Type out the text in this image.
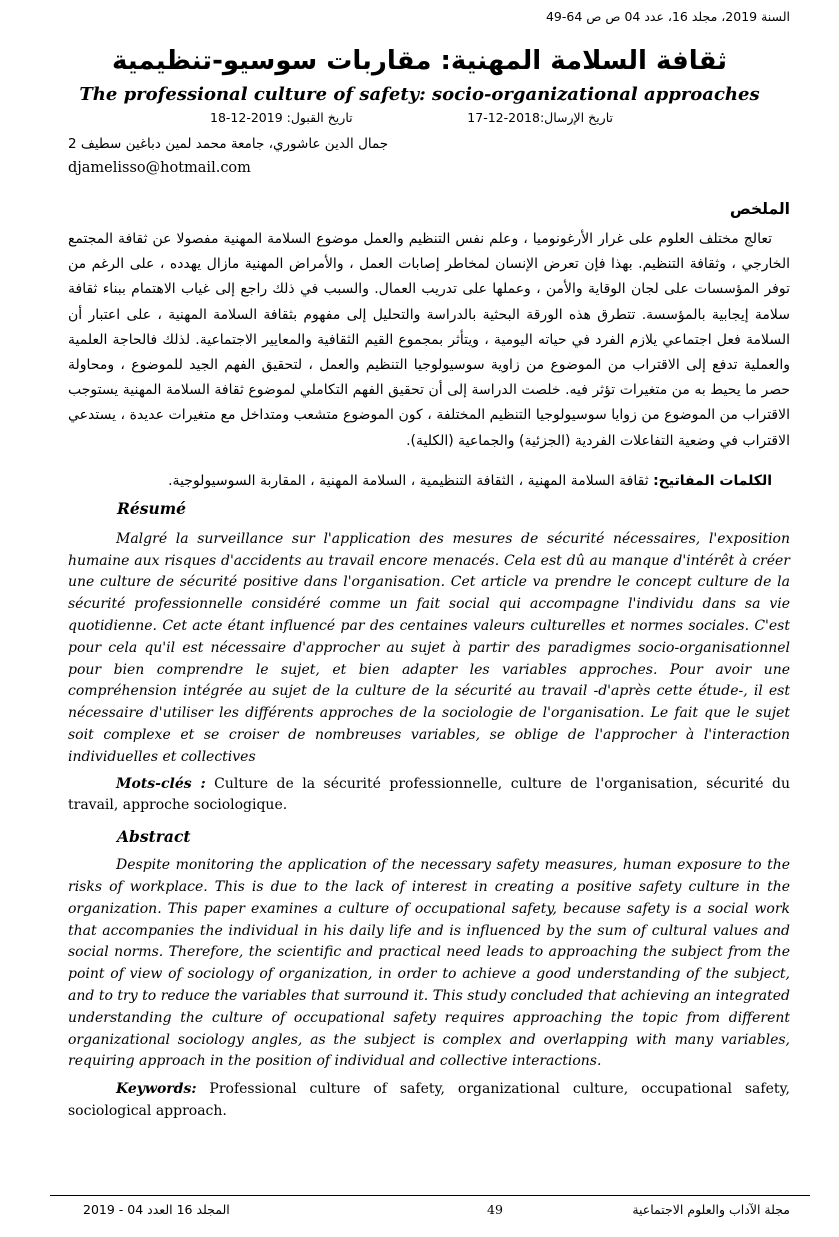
السنة 2019، مجلد 16، عدد 04 ص ص 64-49
ثقافة السلامة المهنية: مقاربات سوسيو-تنظيمية
The professional culture of safety: socio-organizational approaches
تاريخ القبول: 2019-12-18	تاريخ الإرسال:2018-12-17
جمال الدين عاشوري، جامعة محمد لمين دباغين سطيف 2
djamelisso@hotmail.com
الملخص

تعالج مختلف العلوم على غرار الأرغونوميا ، وعلم نفس التنظيم والعمل موضوع السلامة المهنية مفصولا عن ثقافة المجتمع الخارجي ، وثقافة التنظيم. بهذا فإن تعرض الإنسان لمخاطر إصابات العمل ، والأمراض المهنية مازال يهدده ، على الرغم من توفر المؤسسات على لجان الوقاية والأمن ، وعملها على تدريب العمال. والسبب في ذلك راجع إلى غياب الاهتمام ببناء ثقافة سلامة إيجابية بالمؤسسة. تتطرق هذه الورقة البحثية بالدراسة والتحليل إلى مفهوم بثقافة السلامة المهنية ، على اعتبار أن السلامة فعل اجتماعي يلازم الفرد في حياته اليومية ، ويتأثر بمجموع القيم الثقافية والمعايير الاجتماعية. لذلك فالحاجة العلمية والعملية تدفع إلى الاقتراب من الموضوع من زاوية سوسيولوجيا التنظيم والعمل ، لتحقيق الفهم الجيد للموضوع ، ومحاولة حصر ما يحيط به من متغيرات تؤثر فيه. خلصت الدراسة إلى أن تحقيق الفهم التكاملي لموضوع ثقافة السلامة المهنية يستوجب الاقتراب من الموضوع من زوايا سوسيولوجيا التنظيم المختلفة ، كون الموضوع متشعب ومتداخل مع متغيرات عديدة ، يستدعي الاقتراب في وضعية التفاعلات الفردية (الجزئية) والجماعية (الكلية).

الكلمات المفاتيح: ثقافة السلامة المهنية ، الثقافة التنظيمية ، السلامة المهنية ، المقاربة السوسيولوجية.

Résumé

Malgré la surveillance sur l'application des mesures de sécurité nécessaires, l'exposition humaine aux risques d'accidents au travail encore menacés. Cela est dû au manque d'intérêt à créer une culture de sécurité positive dans l'organisation. Cet article va prendre le concept culture de la sécurité professionnelle considéré comme un fait social qui accompagne l'individu dans sa vie quotidienne. Cet acte étant influencé par des centaines valeurs culturelles et normes sociales. C'est pour cela qu'il est nécessaire d'approcher au sujet à partir des paradigmes socio-organisationnel pour bien comprendre le sujet, et bien adapter les variables approches. Pour avoir une compréhension intégrée au sujet de la culture de la sécurité au travail -d'après cette étude-, il est nécessaire d'utiliser les différents approches de la sociologie de l'organisation. Le fait que le sujet soit complexe et se croiser de nombreuses variables, se oblige de l'approcher à l'interaction individuelles et collectives

Mots-clés : Culture de la sécurité professionnelle, culture de l'organisation, sécurité du travail, approche sociologique.

Abstract

Despite monitoring the application of the necessary safety measures, human exposure to the risks of workplace. This is due to the lack of interest in creating a positive safety culture in the organization. This paper examines a culture of occupational safety, because safety is a social work that accompanies the individual in his daily life and is influenced by the sum of cultural values and social norms. Therefore, the scientific and practical need leads to approaching the subject from the point of view of sociology of organization, in order to achieve a good understanding of the subject, and to try to reduce the variables that surround it. This study concluded that achieving an integrated understanding the culture of occupational safety requires approaching the topic from different organizational sociology angles, as the subject is complex and overlapping with many variables, requiring approach in the position of individual and collective interactions.

Keywords: Professional culture of safety, organizational culture, occupational safety, sociological approach.

المجلد 16 العدد 04 - 2019	49	مجلة الآداب والعلوم الاجتماعية
